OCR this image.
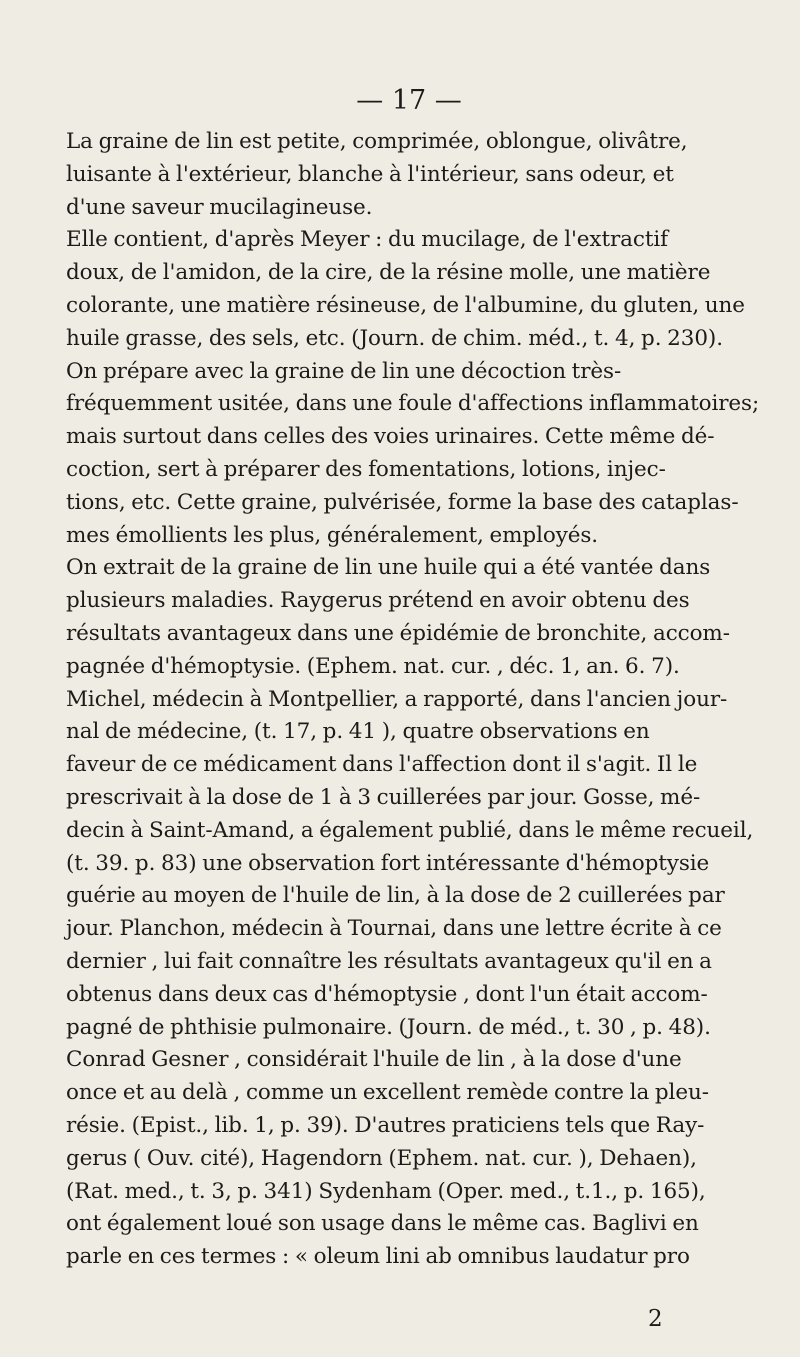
— 17 —

La graine de lin est petite, comprimée, oblongue, olivâtre,
luisante à l'extérieur, blanche à l'intérieur, sans odeur, et
d'une saveur mucilagineuse.

Elle contient, d'après Meyer : du mucilage, de l'extractif
doux, de l'amidon, de la cire, de la résine molle, une matière
colorante, une matière résineuse, de l'albumine, du gluten, une
huile grasse, des sels, etc. (Journ. de chim. méd., t. 4, p. 230).

On prépare avec la graine de lin une décoction très-
fréquemment usitée, dans une foule d'affections inflammatoires;
mais surtout dans celles des voies urinaires. Cette même dé-
coction, sert à préparer des fomentations, lotions, injec-
tions, etc. Cette graine, pulvérisée, forme la base des cataplas-
mes émollients les plus, généralement, employés.

On extrait de la graine de lin une huile qui a été vantée dans
plusieurs maladies. Raygerus prétend en avoir obtenu des
résultats avantageux dans une épidémie de bronchite, accom-
pagnée d'hémoptysie. (Ephem. nat. cur. , déc. 1, an. 6. 7).
Michel, médecin à Montpellier, a rapporté, dans l'ancien jour-
nal de médecine, (t. 17, p. 41 ), quatre observations en
faveur de ce médicament dans l'affection dont il s'agit. Il le
prescrivait à la dose de 1 à 3 cuillerées par jour. Gosse, mé-
decin à Saint-Amand, a également publié, dans le même recueil,
(t. 39. p. 83) une observation fort intéressante d'hémoptysie
guérie au moyen de l'huile de lin, à la dose de 2 cuillerées par
jour. Planchon, médecin à Tournai, dans une lettre écrite à ce
dernier , lui fait connaître les résultats avantageux qu'il en a
obtenus dans deux cas d'hémoptysie , dont l'un était accom-
pagné de phthisie pulmonaire. (Journ. de méd., t. 30 , p. 48).

Conrad Gesner , considérait l'huile de lin , à la dose d'une
once et au delà , comme un excellent remède contre la pleu-
résie. (Epist., lib. 1, p. 39). D'autres praticiens tels que Ray-
gerus ( Ouv. cité), Hagendorn (Ephem. nat. cur. ), Dehaen),
(Rat. med., t. 3, p. 341) Sydenham (Oper. med., t.1., p. 165),
ont également loué son usage dans le même cas. Baglivi en
parle en ces termes : « oleum lini ab omnibus laudatur pro

2
